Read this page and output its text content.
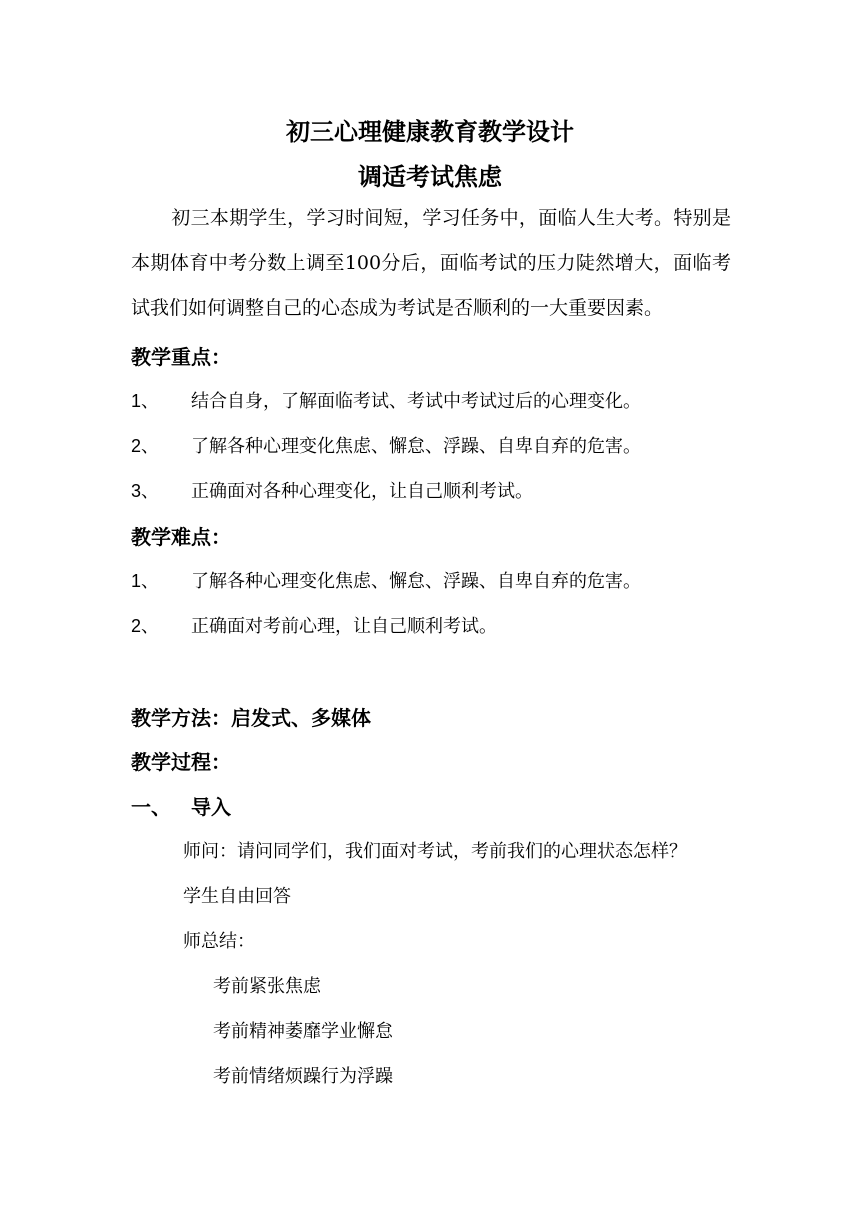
初三心理健康教育教学设计
调适考试焦虑
初三本期学生，学习时间短，学习任务中，面临人生大考。特别是本期体育中考分数上调至100分后，面临考试的压力陡然增大，面临考试我们如何调整自己的心态成为考试是否顺利的一大重要因素。
教学重点：
1、 结合自身，了解面临考试、考试中考试过后的心理变化。
2、 了解各种心理变化焦虑、懈怠、浮躁、自卑自弃的危害。
3、 正确面对各种心理变化，让自己顺利考试。
教学难点：
1、 了解各种心理变化焦虑、懈怠、浮躁、自卑自弃的危害。
2、 正确面对考前心理，让自己顺利考试。
教学方法：启发式、多媒体
教学过程：
一、 导入
师问：请问同学们，我们面对考试，考前我们的心理状态怎样？
学生自由回答
师总结：
考前紧张焦虑
考前精神萎靡学业懈怠
考前情绪烦躁行为浮躁
